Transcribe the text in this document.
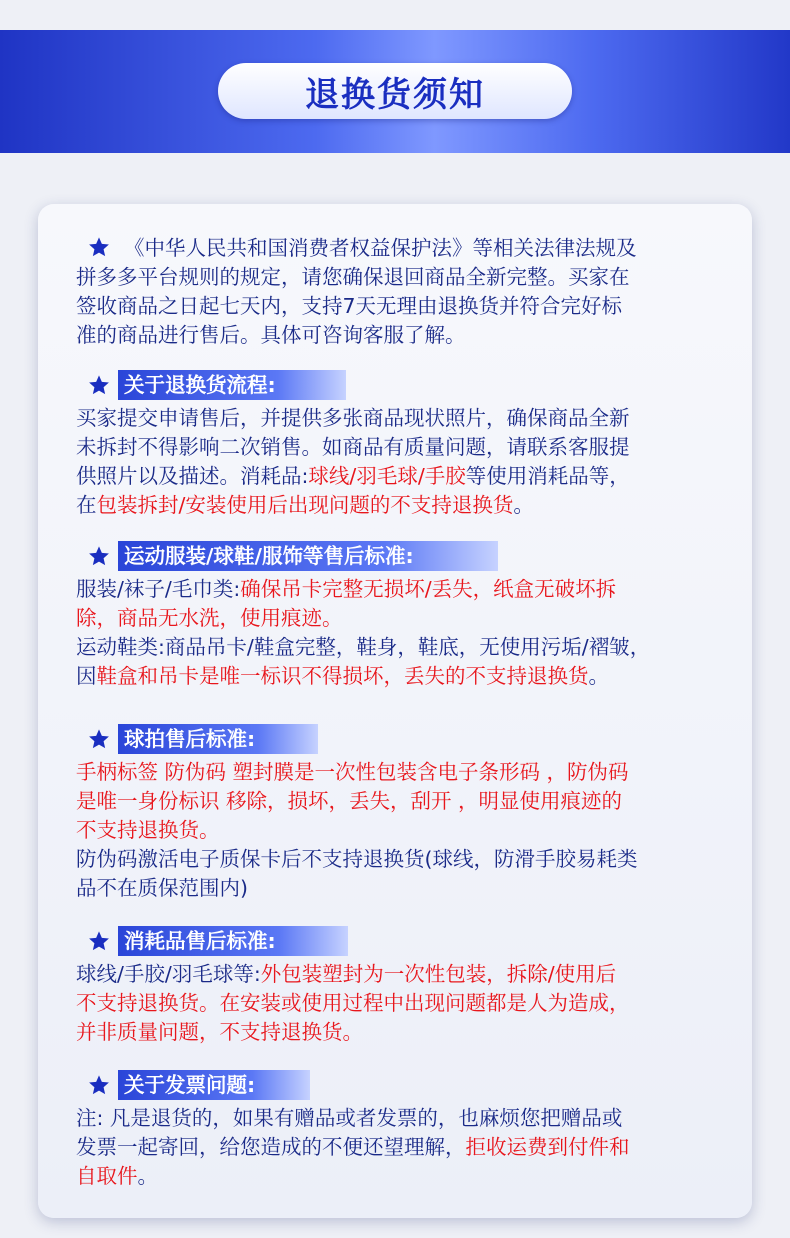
退换货须知

《中华人民共和国消费者权益保护法》等相关法律法规及

拼多多平台规则的规定，请您确保退回商品全新完整。买家在

签收商品之日起七天内，支持7天无理由退换货并符合完好标

准的商品进行售后。具体可咨询客服了解。

关于退换货流程:

买家提交申请售后，并提供多张商品现状照片，确保商品全新

未拆封不得影响二次销售。如商品有质量问题，请联系客服提

供照片以及描述。消耗品:球线/羽毛球/手胶等使用消耗品等，

在包装拆封/安装使用后出现问题的不支持退换货。

运动服装/球鞋/服饰等售后标准:

服装/袜子/毛巾类:确保吊卡完整无损坏/丢失，纸盒无破坏拆

除，商品无水洗，使用痕迹。

运动鞋类:商品吊卡/鞋盒完整，鞋身，鞋底，无使用污垢/褶皱，

因鞋盒和吊卡是唯一标识不得损坏，丢失的不支持退换货。

球拍售后标准:

手柄标签 防伪码 塑封膜是一次性包装含电子条形码 ，防伪码

是唯一身份标识 移除，损坏，丢失，刮开 ，明显使用痕迹的

不支持退换货。

防伪码激活电子质保卡后不支持退换货(球线，防滑手胶易耗类

品不在质保范围内)

消耗品售后标准:

球线/手胶/羽毛球等:外包装塑封为一次性包装，拆除/使用后

不支持退换货。在安装或使用过程中出现问题都是人为造成，

并非质量问题，不支持退换货。

关于发票问题:

注: 凡是退货的，如果有赠品或者发票的，也麻烦您把赠品或

发票一起寄回，给您造成的不便还望理解，拒收运费到付件和

自取件。
